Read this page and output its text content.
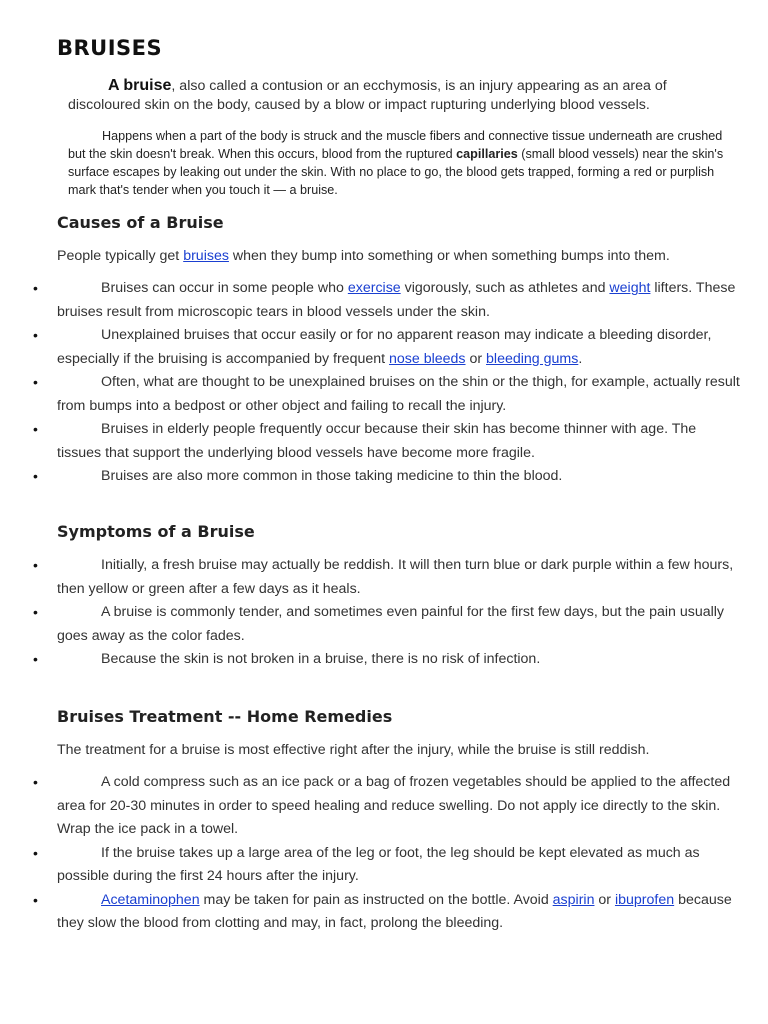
BRUISES

A bruise, also called a contusion or an ecchymosis, is an injury appearing as an area of discoloured skin on the body, caused by a blow or impact rupturing underlying blood vessels.

Happens when a part of the body is struck and the muscle fibers and connective tissue underneath are crushed but the skin doesn't break. When this occurs, blood from the ruptured capillaries (small blood vessels) near the skin's surface escapes by leaking out under the skin. With no place to go, the blood gets trapped, forming a red or purplish mark that's tender when you touch it — a bruise.

Causes of a Bruise

People typically get bruises when they bump into something or when something bumps into them.

•	Bruises can occur in some people who exercise vigorously, such as athletes and weight lifters. These bruises result from microscopic tears in blood vessels under the skin.
•	Unexplained bruises that occur easily or for no apparent reason may indicate a bleeding disorder, especially if the bruising is accompanied by frequent nose bleeds or bleeding gums.
•	Often, what are thought to be unexplained bruises on the shin or the thigh, for example, actually result from bumps into a bedpost or other object and failing to recall the injury.
•	Bruises in elderly people frequently occur because their skin has become thinner with age. The tissues that support the underlying blood vessels have become more fragile.
•	Bruises are also more common in those taking medicine to thin the blood.
Symptoms of a Bruise
•	Initially, a fresh bruise may actually be reddish. It will then turn blue or dark purple within a few hours, then yellow or green after a few days as it heals.
•	A bruise is commonly tender, and sometimes even painful for the first few days, but the pain usually goes away as the color fades.
•	Because the skin is not broken in a bruise, there is no risk of infection.
Bruises Treatment -- Home Remedies

The treatment for a bruise is most effective right after the injury, while the bruise is still reddish.

•	A cold compress such as an ice pack or a bag of frozen vegetables should be applied to the affected area for 20-30 minutes in order to speed healing and reduce swelling. Do not apply ice directly to the skin. Wrap the ice pack in a towel.
•	If the bruise takes up a large area of the leg or foot, the leg should be kept elevated as much as possible during the first 24 hours after the injury.
•	Acetaminophen may be taken for pain as instructed on the bottle. Avoid aspirin or ibuprofen because they slow the blood from clotting and may, in fact, prolong the bleeding.
